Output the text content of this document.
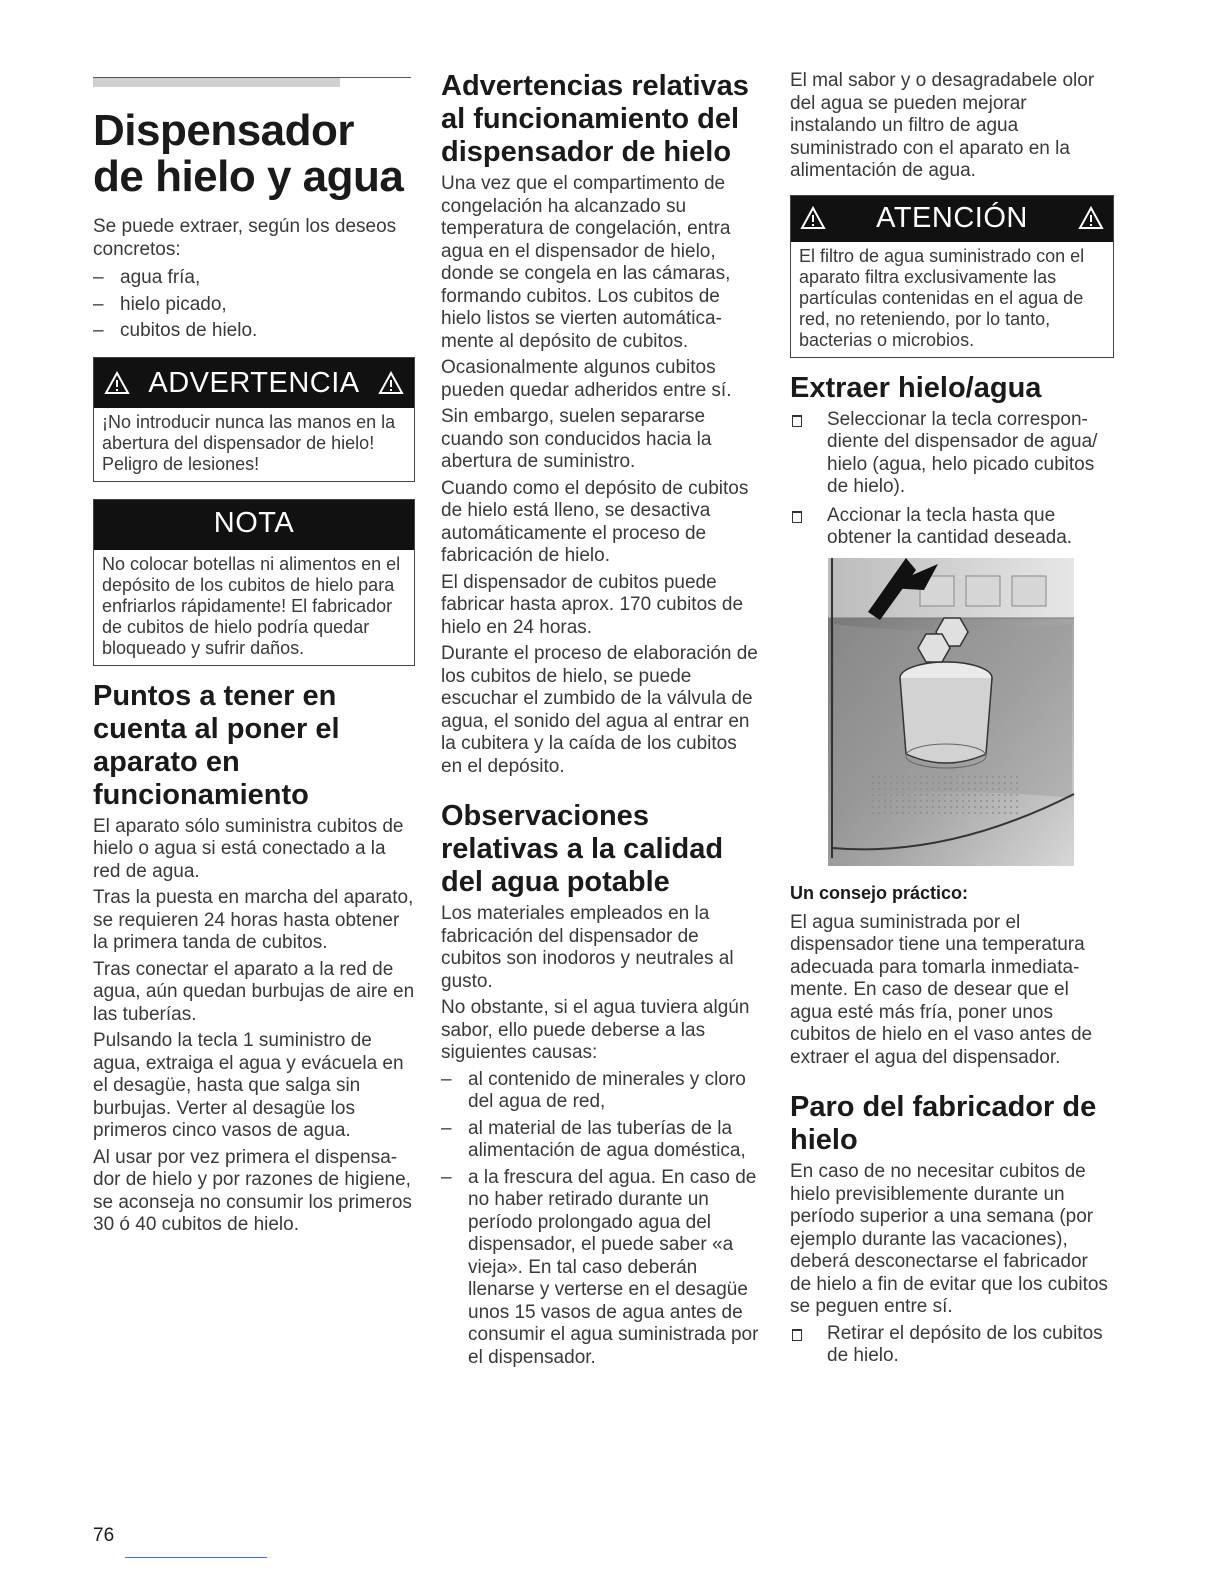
Dispensador de hielo y agua

Se puede extraer, según los deseos concretos:

– agua fría,
– hielo picado,
– cubitos de hielo.
ADVERTENCIA
¡No introducir nunca las manos en la abertura del dispensador de hielo! Peligro de lesiones!
NOTA
No colocar botellas ni alimentos en el depósito de los cubitos de hielo para enfriarlos rápidamente! El fabricador de cubitos de hielo podría quedar bloqueado y sufrir daños.
Puntos a tener en cuenta al poner el aparato en funcionamiento

El aparato sólo suministra cubitos de hielo o agua si está conectado a la red de agua.

Tras la puesta en marcha del aparato, se requieren 24 horas hasta obtener la primera tanda de cubitos.

Tras conectar el aparato a la red de agua, aún quedan burbujas de aire en las tuberías.

Pulsando la tecla 1 suministro de agua, extraiga el agua y evácuela en el desagüe, hasta que salga sin burbujas. Verter al desagüe los primeros cinco vasos de agua.

Al usar por vez primera el dispensa-dor de hielo y por razones de higiene, se aconseja no consumir los primeros 30 ó 40 cubitos de hielo.

76
Advertencias relativas al funcionamiento del dispensador de hielo

Una vez que el compartimento de congelación ha alcanzado su temperatura de congelación, entra agua en el dispensador de hielo, donde se congela en las cámaras, formando cubitos. Los cubitos de hielo listos se vierten automática-mente al depósito de cubitos.

Ocasionalmente algunos cubitos pueden quedar adheridos entre sí.

Sin embargo, suelen separarse cuando son conducidos hacia la abertura de suministro.

Cuando como el depósito de cubitos de hielo está lleno, se desactiva automáticamente el proceso de fabricación de hielo.

El dispensador de cubitos puede fabricar hasta aprox. 170 cubitos de hielo en 24 horas.

Durante el proceso de elaboración de los cubitos de hielo, se puede escuchar el zumbido de la válvula de agua, el sonido del agua al entrar en la cubitera y la caída de los cubitos en el depósito.

Observaciones relativas a la calidad del agua potable

Los materiales empleados en la fabricación del dispensador de cubitos son inodoros y neutrales al gusto.

No obstante, si el agua tuviera algún sabor, ello puede deberse a las siguientes causas:

– al contenido de minerales y cloro del agua de red,
– al material de las tuberías de la alimentación de agua doméstica,
– a la frescura del agua. En caso de no haber retirado durante un período prolongado agua del dispensador, el puede saber «a vieja». En tal caso deberán llenarse y verterse en el desagüe unos 15 vasos de agua antes de consumir el agua suministrada por el dispensador.

El mal sabor y o desagradabele olor del agua se pueden mejorar instalando un filtro de agua suministrado con el aparato en la alimentación de agua.

ATENCIÓN
El filtro de agua suministrado con el aparato filtra exclusivamente las partículas contenidas en el agua de red, no reteniendo, por lo tanto, bacterias o microbios.
Extraer hielo/agua
Seleccionar la tecla correspon-diente del dispensador de agua/ hielo (agua, helo picado cubitos de hielo).
Accionar la tecla hasta que obtener la cantidad deseada.
Un consejo práctico:

El agua suministrada por el dispensador tiene una temperatura adecuada para tomarla inmediata-mente. En caso de desear que el agua esté más fría, poner unos cubitos de hielo en el vaso antes de extraer el agua del dispensador.

Paro del fabricador de hielo

En caso de no necesitar cubitos de hielo previsiblemente durante un período superior a una semana (por ejemplo durante las vacaciones), deberá desconectarse el fabricador de hielo a fin de evitar que los cubitos se peguen entre sí.

Retirar el depósito de los cubitos de hielo.
